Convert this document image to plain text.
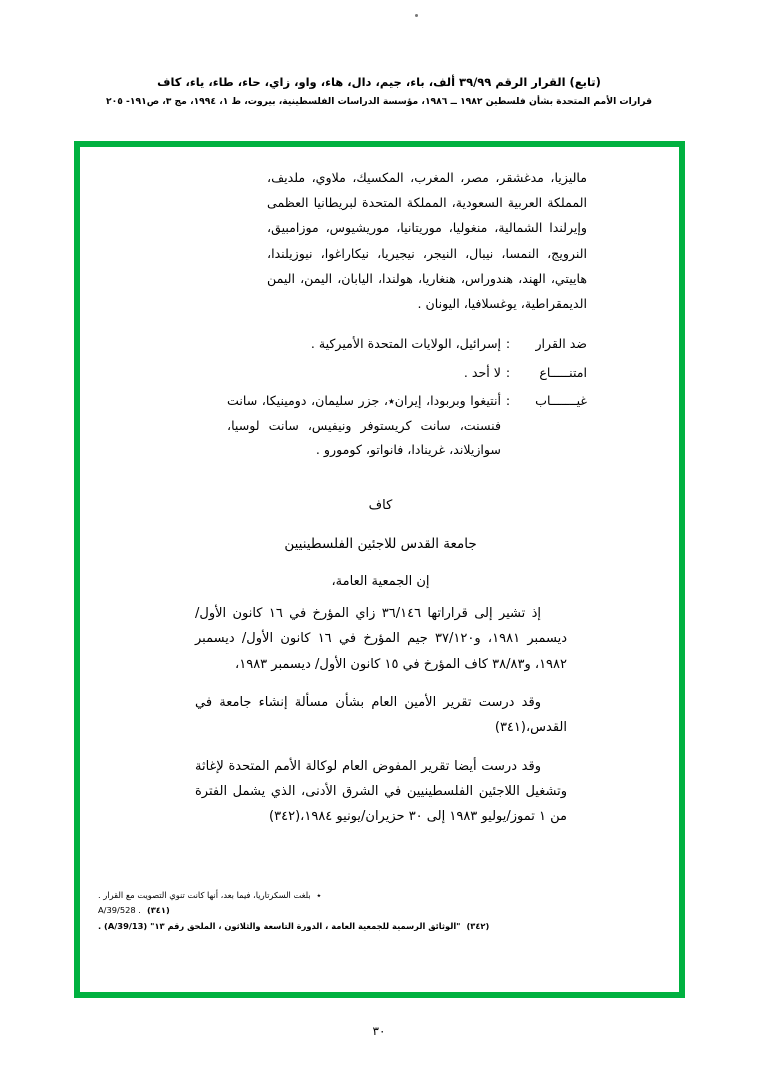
(تابع) القرار الرقم ٣٩/٩٩ ألف، باء، جيم، دال، هاء، واو، زاي، حاء، طاء، ياء، كاف
قرارات الأمم المتحدة بشأن فلسطين ١٩٨٢ ــ ١٩٨٦، مؤسسة الدراسات الفلسطينية، بيروت، ط ١، ١٩٩٤، مج ٣، ص١٩١- ٢٠٥

ماليزيا، مدغشقر، مصر، المغرب، المكسيك، ملاوي، ملديف، المملكة العربية السعودية، المملكة المتحدة لبريطانيا العظمى وإيرلندا الشمالية، منغوليا، موريتانيا، موريشيوس، موزامبيق، النرويج، النمسا، نيبال، النيجر، نيجيريا، نيكاراغوا، نيوزيلندا، هاييتي، الهند، هندوراس، هنغاريا، هولندا، اليابان، اليمن، اليمن الديمقراطية، يوغسلافيا، اليونان .

ضد القرار
:
إسرائيل، الولايات المتحدة الأميركية .
امتنـــــاع
:
لا أحد .
غيـــــــاب
:
أنتيغوا وبربودا، إيران٭، جزر سليمان، دومينيكا، سانت فنسنت، سانت كريستوفر ونيفيس، سانت لوسيا، سوازيلاند، غرينادا، فانواتو، كومورو .
كاف
جامعة القدس للاجئين الفلسطينيين
إن الجمعية العامة،

إذ تشير إلى قراراتها ٣٦/١٤٦ زاي المؤرخ في ١٦ كانون الأول/ ديسمبر ١٩٨١، و٣٧/١٢٠ جيم المؤرخ في ١٦ كانون الأول/ ديسمبر ١٩٨٢، و٣٨/٨٣ كاف المؤرخ في ١٥ كانون الأول/ ديسمبر ١٩٨٣،

وقد درست تقرير الأمين العام بشأن مسألة إنشاء جامعة في القدس،(٣٤١)

وقد درست أيضا تقرير المفوض العام لوكالة الأمم المتحدة لإغاثة وتشغيل اللاجئين الفلسطينيين في الشرق الأدنى، الذي يشمل الفترة من ١ تموز/يوليو ١٩٨٣ إلى ٣٠ حزيران/يونيو ١٩٨٤،(٣٤٢)

٭
بلغت السكرتاريا، فيما بعد، أنها كانت تنوي التصويت مع القرار .
(٣٤١)
A/39/528 .
(٣٤٢)
"الوثائق الرسمية للجمعية العامة ، الدورة التاسعة والثلاثون ، الملحق رقم ١٣" (A/39/13) .
٣٠
